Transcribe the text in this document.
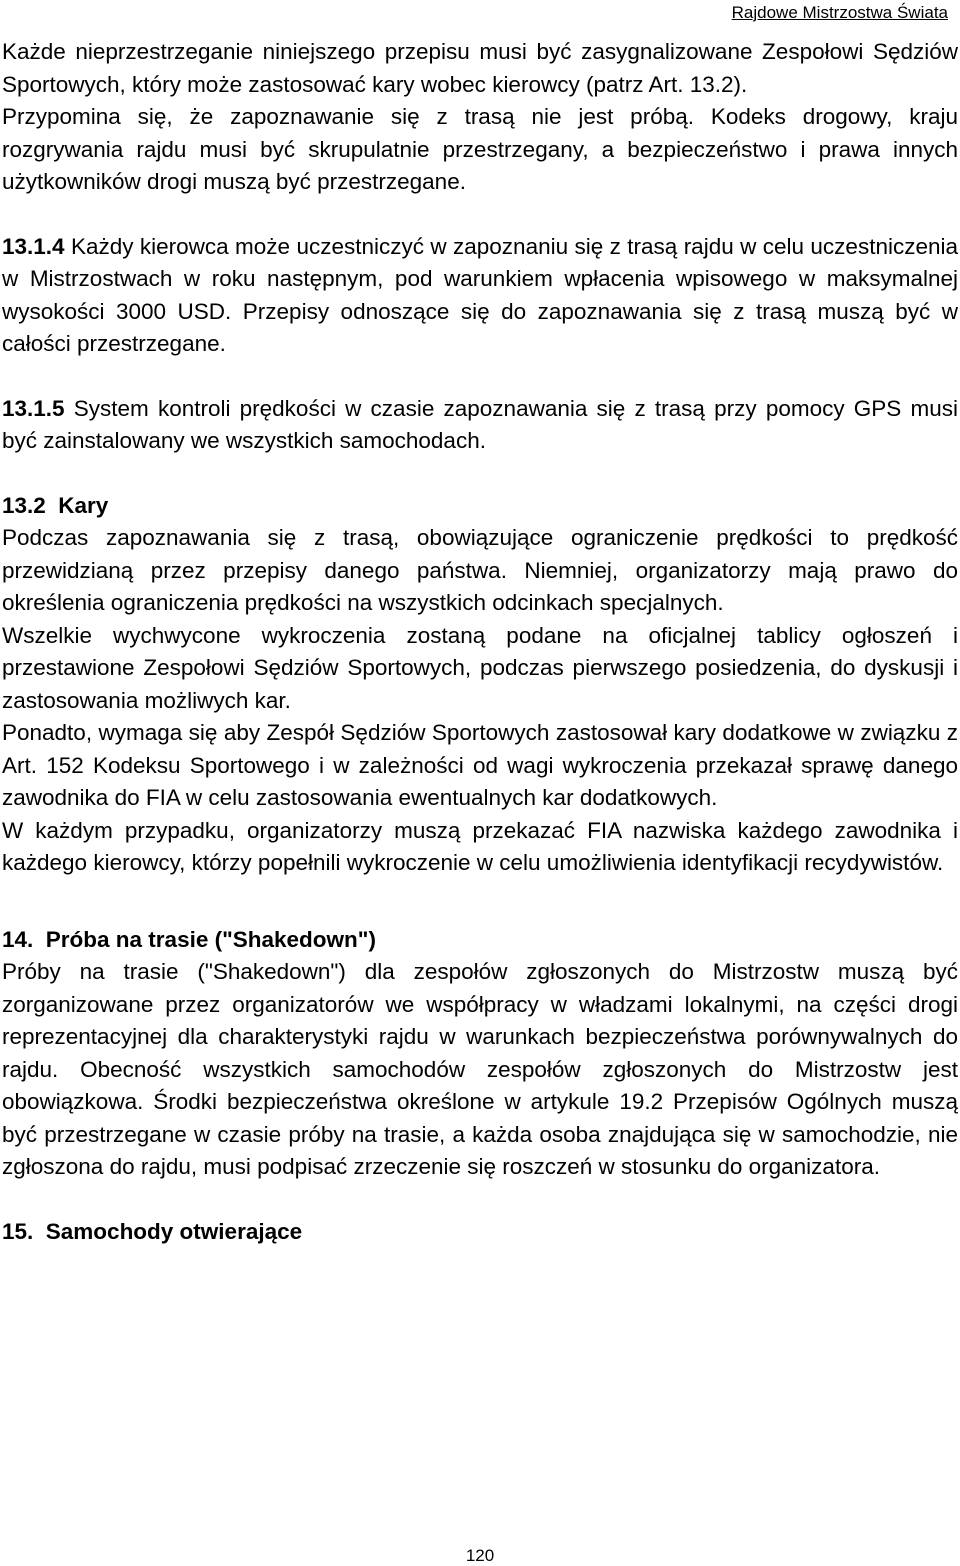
Rajdowe Mistrzostwa Świata

Każde nieprzestrzeganie niniejszego przepisu musi być zasygnalizowane Zespołowi Sędziów Sportowych, który może zastosować kary wobec kierowcy (patrz Art. 13.2).

Przypomina się, że zapoznawanie się z trasą nie jest próbą. Kodeks drogowy, kraju rozgrywania rajdu musi być skrupulatnie przestrzegany, a bezpieczeństwo i prawa innych użytkowników drogi muszą być przestrzegane.

13.1.4 Każdy kierowca może uczestniczyć w zapoznaniu się z trasą rajdu w celu uczestniczenia w Mistrzostwach w roku następnym, pod warunkiem wpłacenia wpisowego w maksymalnej wysokości 3000 USD. Przepisy odnoszące się do zapoznawania się z trasą muszą być w całości przestrzegane.

13.1.5 System kontroli prędkości w czasie zapoznawania się z trasą przy pomocy GPS musi być zainstalowany we wszystkich samochodach.

13.2  Kary

Podczas zapoznawania się z trasą, obowiązujące ograniczenie prędkości to prędkość przewidzianą przez przepisy danego państwa. Niemniej, organizatorzy mają prawo do określenia ograniczenia prędkości na wszystkich odcinkach specjalnych.

Wszelkie wychwycone wykroczenia zostaną podane na oficjalnej tablicy ogłoszeń i przestawione Zespołowi Sędziów Sportowych, podczas pierwszego posiedzenia, do dyskusji i zastosowania możliwych kar.

Ponadto, wymaga się aby Zespół Sędziów Sportowych zastosował kary dodatkowe w związku z Art. 152 Kodeksu Sportowego i w zależności od wagi wykroczenia przekazał sprawę danego zawodnika do FIA w celu zastosowania ewentualnych kar dodatkowych.

W każdym przypadku, organizatorzy muszą przekazać FIA nazwiska każdego zawodnika i każdego kierowcy, którzy popełnili wykroczenie w celu umożliwienia identyfikacji recydywistów.

14.  Próba na trasie ("Shakedown")

Próby na trasie ("Shakedown") dla zespołów zgłoszonych do Mistrzostw muszą być zorganizowane przez organizatorów we współpracy w władzami lokalnymi, na części drogi reprezentacyjnej dla charakterystyki rajdu w warunkach bezpieczeństwa porównywalnych do rajdu. Obecność wszystkich samochodów zespołów zgłoszonych do Mistrzostw jest obowiązkowa. Środki bezpieczeństwa określone w artykule 19.2 Przepisów Ogólnych muszą być przestrzegane w czasie próby na trasie, a każda osoba znajdująca się w samochodzie, nie zgłoszona do rajdu, musi podpisać zrzeczenie się roszczeń w stosunku do organizatora.

15.  Samochody otwierające

120
